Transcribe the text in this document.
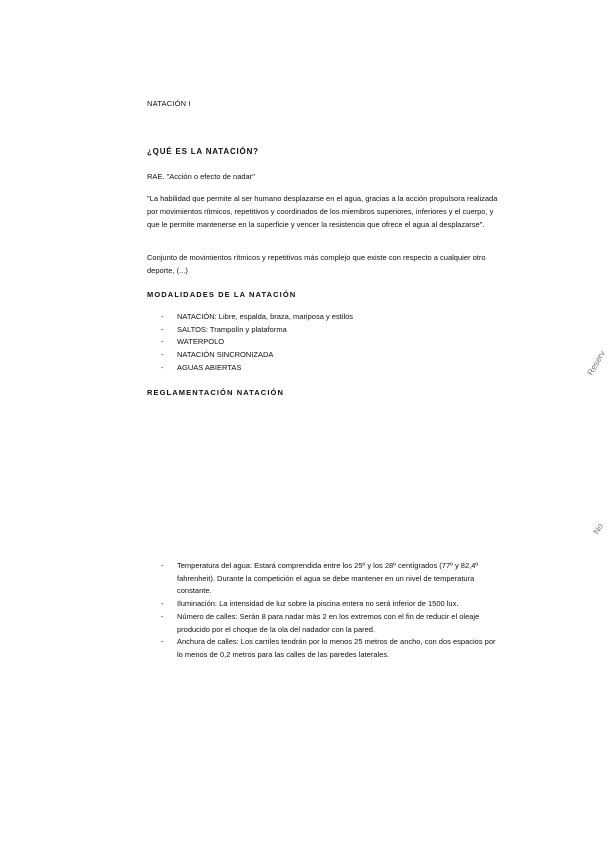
NATACIÓN I
¿QUÉ ES LA NATACIÓN?
RAE. "Acción o efecto de nadar"
"La habilidad que permite al ser humano desplazarse en el agua, gracias a la acción propulsora realizada por movimientos rítmicos, repetitivos y coordinados de los miembros superiores, inferiores y el cuerpo, y que le permite mantenerse en la superficie y vencer la resistencia que ofrece el agua al desplazarse".
Conjunto de movimientos rítmicos y repetitivos más complejo que existe con respecto a cualquier otro deporte, (...)
MODALIDADES DE LA NATACIÓN
- NATACIÓN: Libre, espalda, braza, mariposa y estilos
- SALTOS: Trampolín y plataforma
- WATERPOLO
- NATACIÓN SINCRONIZADA
- AGUAS ABIERTAS
REGLAMENTACIÓN NATACIÓN
- Temperatura del agua: Estará comprendida entre los 25º y los 28º centígrados (77º y 82,4º fahrenheit). Durante la competición el agua se debe mantener en un nivel de temperatura constante.
- Iluminación: La intensidad de luz sobre la piscina entera no será inferior de 1500 lux.
- Número de calles: Serán 8 para nadar más 2 en los extremos con el fin de reducir el oleaje producido por el choque de la ola del nadador con la pared.
- Anchura de calles: Los carriles tendrán por lo menos 25 metros de ancho, con dos espacios por lo menos de 0,2 metros para las calles de las paredes laterales.
Reserv
No
